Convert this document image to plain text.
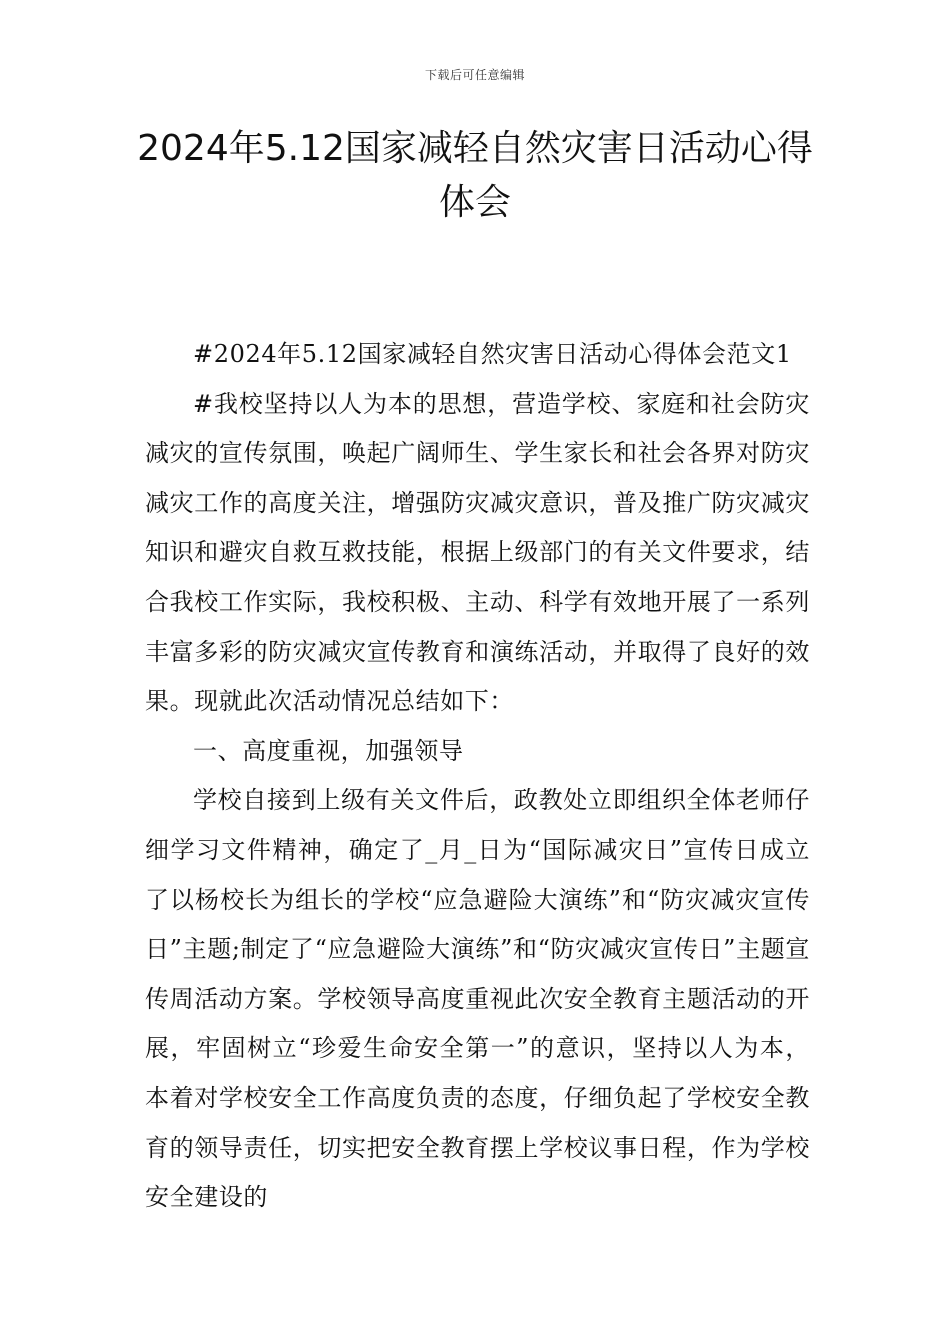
下载后可任意编辑
2024年5.12国家减轻自然灾害日活动心得体会

#2024年5.12国家减轻自然灾害日活动心得体会范文1

#我校坚持以人为本的思想，营造学校、家庭和社会防灾减灾的宣传氛围，唤起广阔师生、学生家长和社会各界对防灾减灾工作的高度关注，增强防灾减灾意识，普及推广防灾减灾知识和避灾自救互救技能，根据上级部门的有关文件要求，结合我校工作实际，我校积极、主动、科学有效地开展了一系列丰富多彩的防灾减灾宣传教育和演练活动，并取得了良好的效果。现就此次活动情况总结如下：

一、高度重视，加强领导

学校自接到上级有关文件后，政教处立即组织全体老师仔细学习文件精神，确定了_月_日为“国际减灾日”宣传日成立了以杨校长为组长的学校“应急避险大演练”和“防灾减灾宣传日”主题;制定了“应急避险大演练”和“防灾减灾宣传日”主题宣传周活动方案。学校领导高度重视此次安全教育主题活动的开展，牢固树立“珍爱生命安全第一”的意识，坚持以人为本，本着对学校安全工作高度负责的态度，仔细负起了学校安全教育的领导责任，切实把安全教育摆上学校议事日程，作为学校安全建设的
